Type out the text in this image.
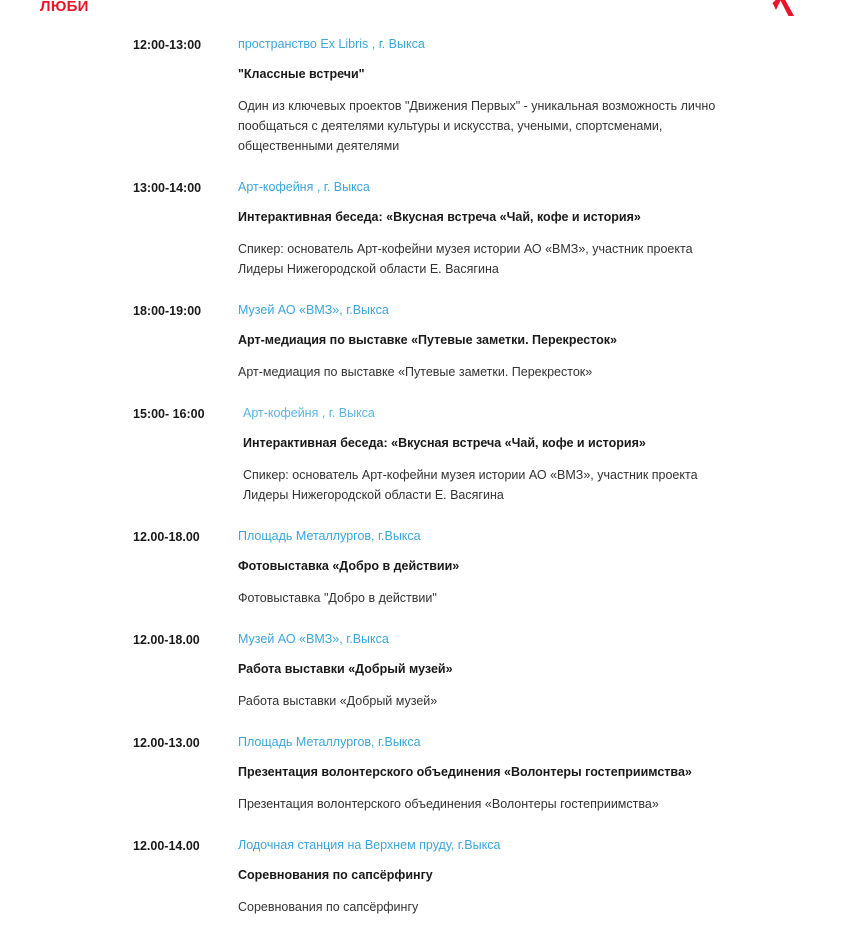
ЛЮБИ
12:00-13:00	пространство Ex Libris , г. Выкса
"Классные встречи"
Один из ключевых проектов "Движения Первых" - уникальная возможность лично пообщаться с деятелями культуры и искусства, учеными, спортсменами, общественными деятелями
13:00-14:00	Арт-кофейня , г. Выкса
Интерактивная беседа: «Вкусная встреча «Чай, кофе и история»
Спикер: основатель Арт-кофейни музея истории АО «ВМЗ», участник проекта Лидеры Нижегородской области Е. Васягина
18:00-19:00	Музей АО «ВМЗ», г.Выкса
Арт-медиация по выставке «Путевые заметки. Перекресток»
Арт-медиация по выставке «Путевые заметки. Перекресток»
15:00- 16:00	Арт-кофейня , г. Выкса
Интерактивная беседа: «Вкусная встреча «Чай, кофе и история»
Спикер: основатель Арт-кофейни музея истории АО «ВМЗ», участник проекта Лидеры Нижегородской области Е. Васягина
12.00-18.00	Площадь Металлургов, г.Выкса
Фотовыставка «Добро в действии»
Фотовыставка "Добро в действии"
12.00-18.00	Музей АО «ВМЗ», г.Выкса
Работа выставки «Добрый музей»
Работа выставки «Добрый музей»
12.00-13.00	Площадь Металлургов, г.Выкса
Презентация волонтерского объединения «Волонтеры гостеприимства»
Презентация волонтерского объединения «Волонтеры гостеприимства»
12.00-14.00	Лодочная станция на Верхнем пруду, г.Выкса
Соревнования по сапсёрфингу
Соревнования по сапсёрфингу
